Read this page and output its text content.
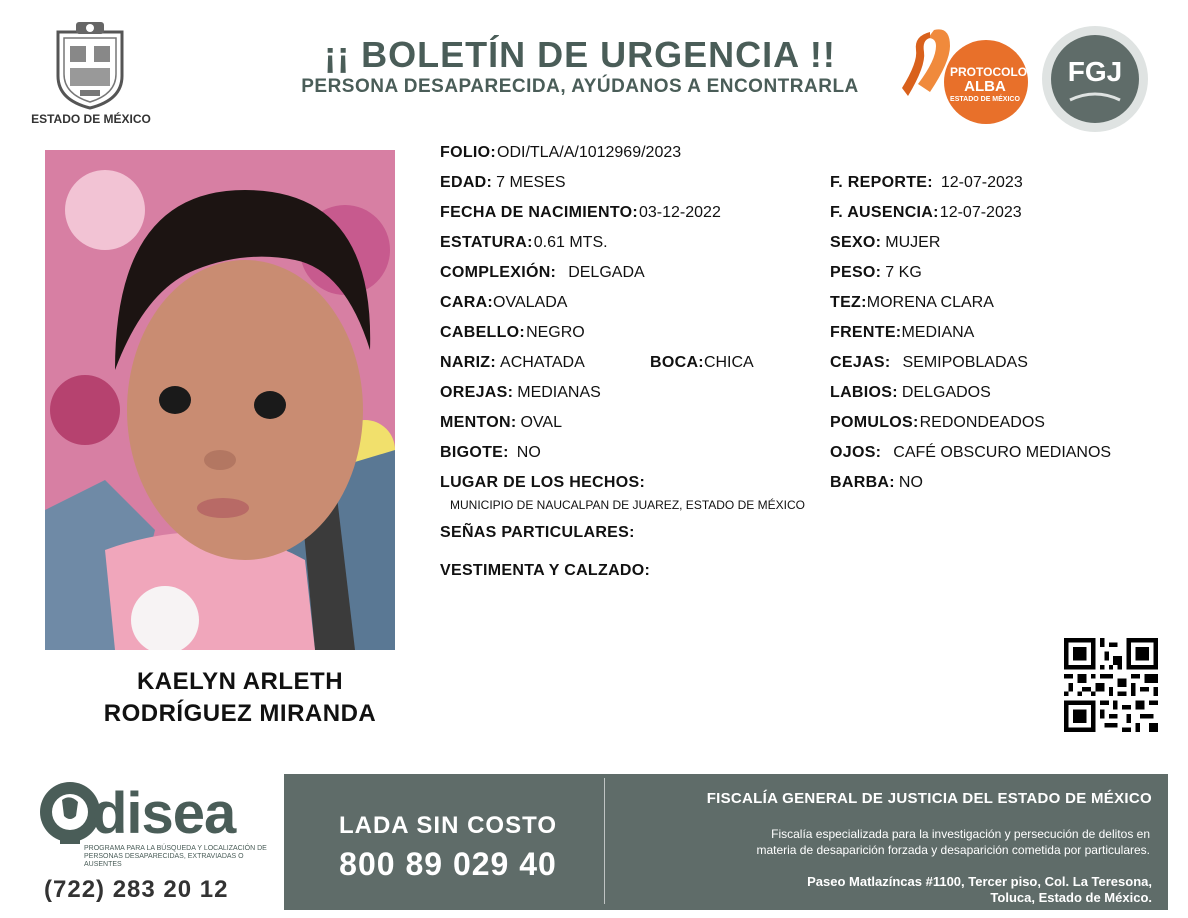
ESTADO DE MÉXICO
¡¡ BOLETÍN DE URGENCIA !!
PERSONA DESAPARECIDA, AYÚDANOS A ENCONTRARLA
PROTOCOLO
ALBA
ESTADO DE MÉXICO
FGJ
KAELYN ARLETH
RODRÍGUEZ MIRANDA
FOLIO:ODI/TLA/A/1012969/2023
EDAD: 7 MESES
FECHA DE NACIMIENTO:03-12-2022
ESTATURA:0.61 MTS.
COMPLEXIÓN: DELGADA
CARA:OVALADA
CABELLO:NEGRO
NARIZ: ACHATADA	BOCA:CHICA
OREJAS: MEDIANAS
MENTON: OVAL
BIGOTE: NO
LUGAR DE LOS HECHOS:
MUNICIPIO DE NAUCALPAN DE JUAREZ, ESTADO DE MÉXICO
SEÑAS PARTICULARES:
VESTIMENTA Y CALZADO:
F. REPORTE: 12-07-2023
F. AUSENCIA:12-07-2023
SEXO: MUJER
PESO: 7 KG
TEZ:MORENA CLARA
FRENTE:MEDIANA
CEJAS: SEMIPOBLADAS
LABIOS: DELGADOS
POMULOS:REDONDEADOS
OJOS: CAFÉ OBSCURO MEDIANOS
BARBA: NO
disea
PROGRAMA PARA LA BÚSQUEDA Y LOCALIZACIÓN DE PERSONAS DESAPARECIDAS, EXTRAVIADAS O AUSENTES
(722) 283 20 12
LADA SIN COSTO
800 89 029 40
FISCALÍA GENERAL DE JUSTICIA DEL ESTADO DE MÉXICO
Fiscalía especializada para la investigación y persecución de delitos en
materia de desaparición forzada y desaparición cometida por particulares.
Paseo Matlazíncas #1100, Tercer piso, Col. La Teresona,
Toluca, Estado de México.
